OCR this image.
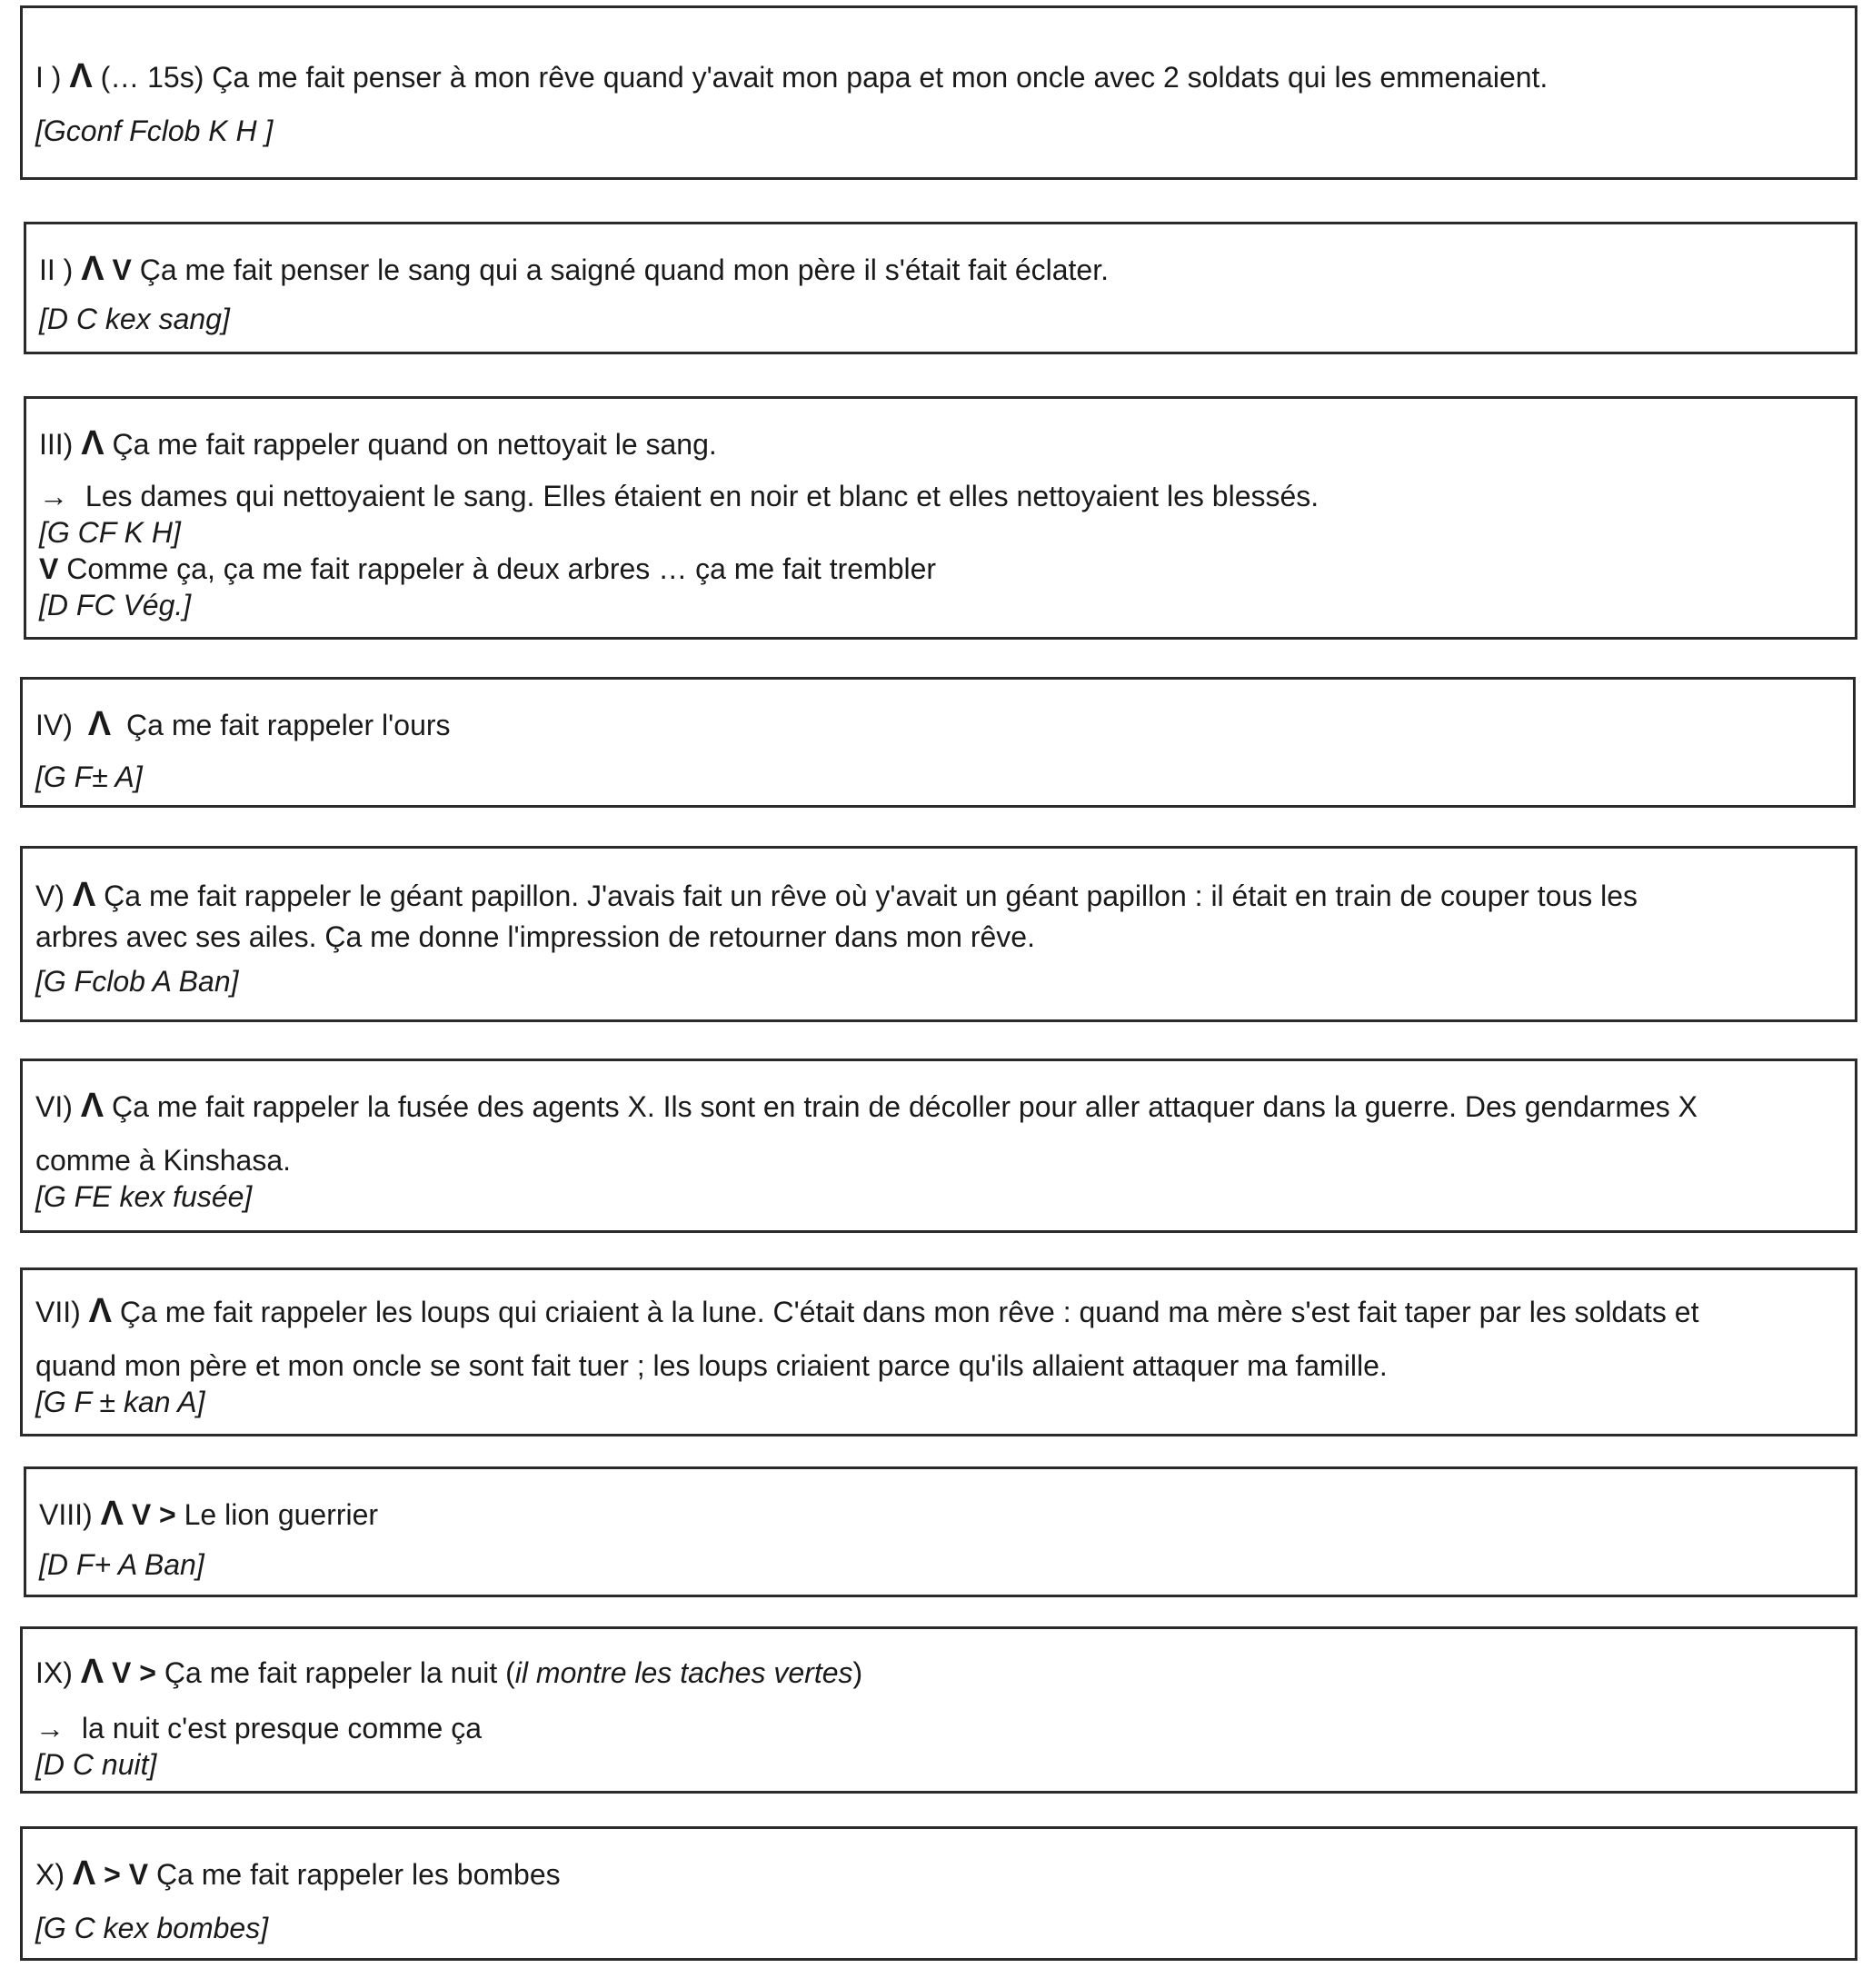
I ) Λ (… 15s) Ça me fait penser à mon rêve quand y'avait mon papa et mon oncle avec 2 soldats qui les emmenaient.
[Gconf Fclob K H ]
II ) Λ V Ça me fait penser le sang qui a saigné quand mon père il s'était fait éclater.
[D C kex sang]
III) Λ Ça me fait rappeler quand on nettoyait le sang.
→ Les dames qui nettoyaient le sang. Elles étaient en noir et blanc et elles nettoyaient les blessés.
[G CF K H]
V Comme ça, ça me fait rappeler à deux arbres … ça me fait trembler
[D FC Vég.]
IV) Λ Ça me fait rappeler l'ours
[G F± A]
V) Λ Ça me fait rappeler le géant papillon. J'avais fait un rêve où y'avait un géant papillon : il était en train de couper tous les
arbres avec ses ailes. Ça me donne l'impression de retourner dans mon rêve.
[G Fclob A Ban]
VI) Λ Ça me fait rappeler la fusée des agents X. Ils sont en train de décoller pour aller attaquer dans la guerre. Des gendarmes X
comme à Kinshasa.
[G FE kex fusée]
VII) Λ Ça me fait rappeler les loups qui criaient à la lune. C'était dans mon rêve : quand ma mère s'est fait taper par les soldats et
quand mon père et mon oncle se sont fait tuer ; les loups criaient parce qu'ils allaient attaquer ma famille.
[G F ± kan A]
VIII) Λ V > Le lion guerrier
[D F+ A Ban]
IX) Λ V > Ça me fait rappeler la nuit (il montre les taches vertes)
→ la nuit c'est presque comme ça
[D C nuit]
X) Λ > V Ça me fait rappeler les bombes
[G C kex bombes]
